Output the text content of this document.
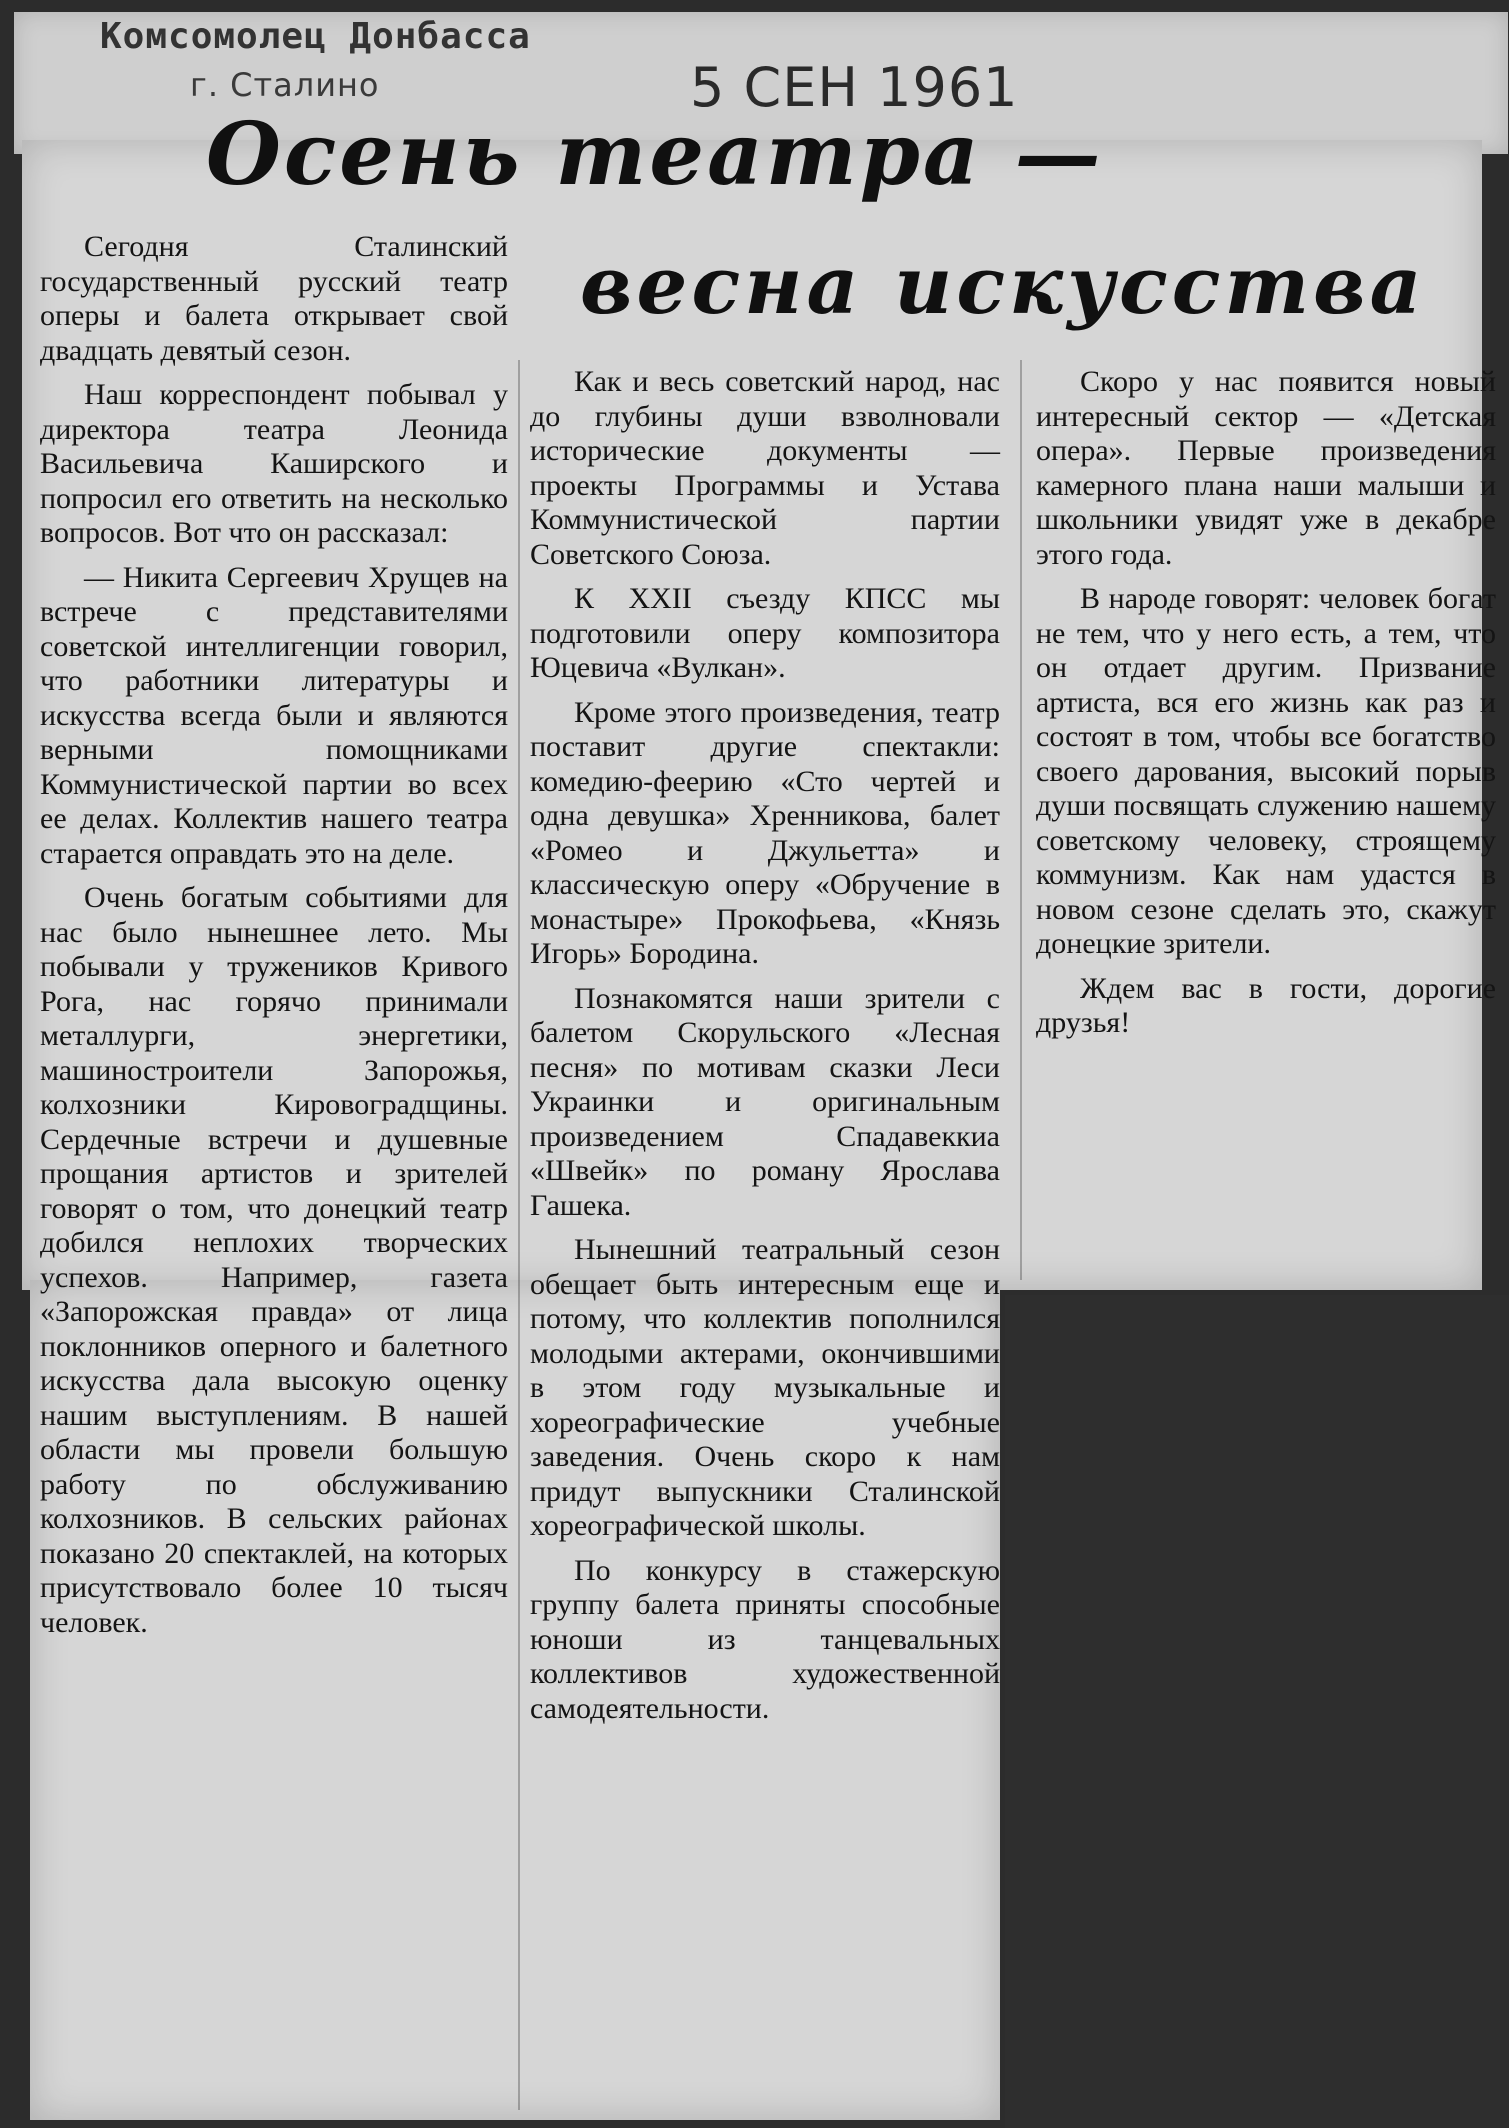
Комсомолец Донбасса
г. Сталино	5 СЕН 1961
Осень театра —
весна искусства

Сегодня Сталинский государственный русский театр оперы и балета открывает свой двадцать девятый сезон.

Наш корреспондент побывал у директора театра Леонида Васильевича Каширского и попросил его ответить на несколько вопросов. Вот что он рассказал:

— Никита Сергеевич Хрущев на встрече с представителями советской интеллигенции говорил, что работники литературы и искусства всегда были и являются верными помощниками Коммунистической партии во всех ее делах. Коллектив нашего театра старается оправдать это на деле.

Очень богатым событиями для нас было нынешнее лето. Мы побывали у тружеников Кривого Рога, нас горячо принимали металлурги, энергетики, машиностроители Запорожья, колхозники Кировоградщины. Сердечные встречи и душевные прощания артистов и зрителей говорят о том, что донецкий театр добился неплохих творческих успехов. Например, газета «Запорожская правда» от лица поклонников оперного и балетного искусства дала высокую оценку нашим выступлениям. В нашей области мы провели большую работу по обслуживанию колхозников. В сельских районах показано 20 спектаклей, на которых присутствовало более 10 тысяч человек.

Как и весь советский народ, нас до глубины души взволновали исторические документы — проекты Программы и Устава Коммунистической партии Советского Союза.

К XXII съезду КПСС мы подготовили оперу композитора Юцевича «Вулкан».

Кроме этого произведения, театр поставит другие спектакли: комедию-феерию «Сто чертей и одна девушка» Хренникова, балет «Ромео и Джульетта» и классическую оперу «Обручение в монастыре» Прокофьева, «Князь Игорь» Бородина.

Познакомятся наши зрители с балетом Скорульского «Лесная песня» по мотивам сказки Леси Украинки и оригинальным произведением Спадавеккиа «Швейк» по роману Ярослава Гашека.

Нынешний театральный сезон обещает быть интересным еще и потому, что коллектив пополнился молодыми актерами, окончившими в этом году музыкальные и хореографические учебные заведения. Очень скоро к нам придут выпускники Сталинской хореографической школы.

По конкурсу в стажерскую группу балета приняты способные юноши из танцевальных коллективов художественной самодеятельности.

Скоро у нас появится новый интересный сектор — «Детская опера». Первые произведения камерного плана наши малыши и школьники увидят уже в декабре этого года.

В народе говорят: человек богат не тем, что у него есть, а тем, что он отдает другим. Призвание артиста, вся его жизнь как раз и состоят в том, чтобы все богатство своего дарования, высокий порыв души посвящать служению нашему советскому человеку, строящему коммунизм. Как нам удастся в новом сезоне сделать это, скажут донецкие зрители.

Ждем вас в гости, дорогие друзья!
